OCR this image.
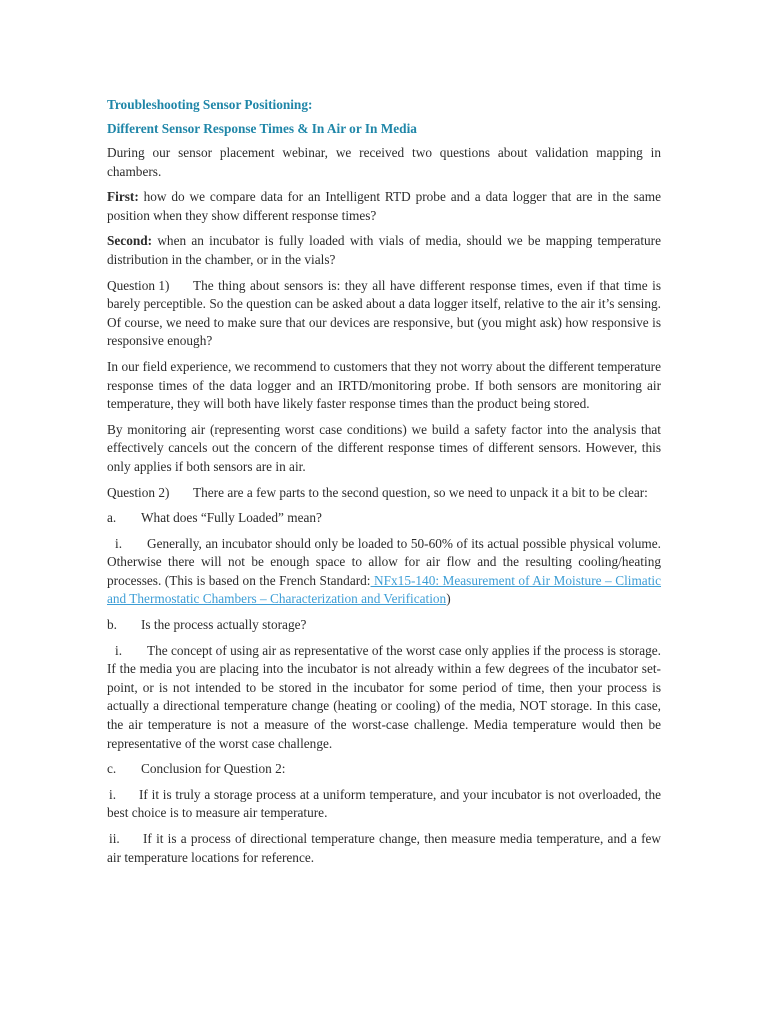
Troubleshooting Sensor Positioning:

Different Sensor Response Times & In Air or In Media

During our sensor placement webinar, we received two questions about validation mapping in chambers.

First: how do we compare data for an Intelligent RTD probe and a data logger that are in the same position when they show different response times?

Second: when an incubator is fully loaded with vials of media, should we be mapping temperature distribution in the chamber, or in the vials?

Question 1) The thing about sensors is: they all have different response times, even if that time is barely perceptible. So the question can be asked about a data logger itself, relative to the air it’s sensing. Of course, we need to make sure that our devices are responsive, but (you might ask) how responsive is responsive enough?

In our field experience, we recommend to customers that they not worry about the different temperature response times of the data logger and an IRTD/monitoring probe. If both sensors are monitoring air temperature, they will both have likely faster response times than the product being stored.

By monitoring air (representing worst case conditions) we build a safety factor into the analysis that effectively cancels out the concern of the different response times of different sensors. However, this only applies if both sensors are in air.

Question 2) There are a few parts to the second question, so we need to unpack it a bit to be clear:

a. What does “Fully Loaded” mean?

i. Generally, an incubator should only be loaded to 50-60% of its actual possible physical volume. Otherwise there will not be enough space to allow for air flow and the resulting cooling/heating processes. (This is based on the French Standard: NFx15-140: Measurement of Air Moisture – Climatic and Thermostatic Chambers – Characterization and Verification)

b. Is the process actually storage?

i. The concept of using air as representative of the worst case only applies if the process is storage. If the media you are placing into the incubator is not already within a few degrees of the incubator set-point, or is not intended to be stored in the incubator for some period of time, then your process is actually a directional temperature change (heating or cooling) of the media, NOT storage. In this case, the air temperature is not a measure of the worst-case challenge. Media temperature would then be representative of the worst case challenge.

c. Conclusion for Question 2:

i. If it is truly a storage process at a uniform temperature, and your incubator is not overloaded, the best choice is to measure air temperature.

ii. If it is a process of directional temperature change, then measure media temperature, and a few air temperature locations for reference.
